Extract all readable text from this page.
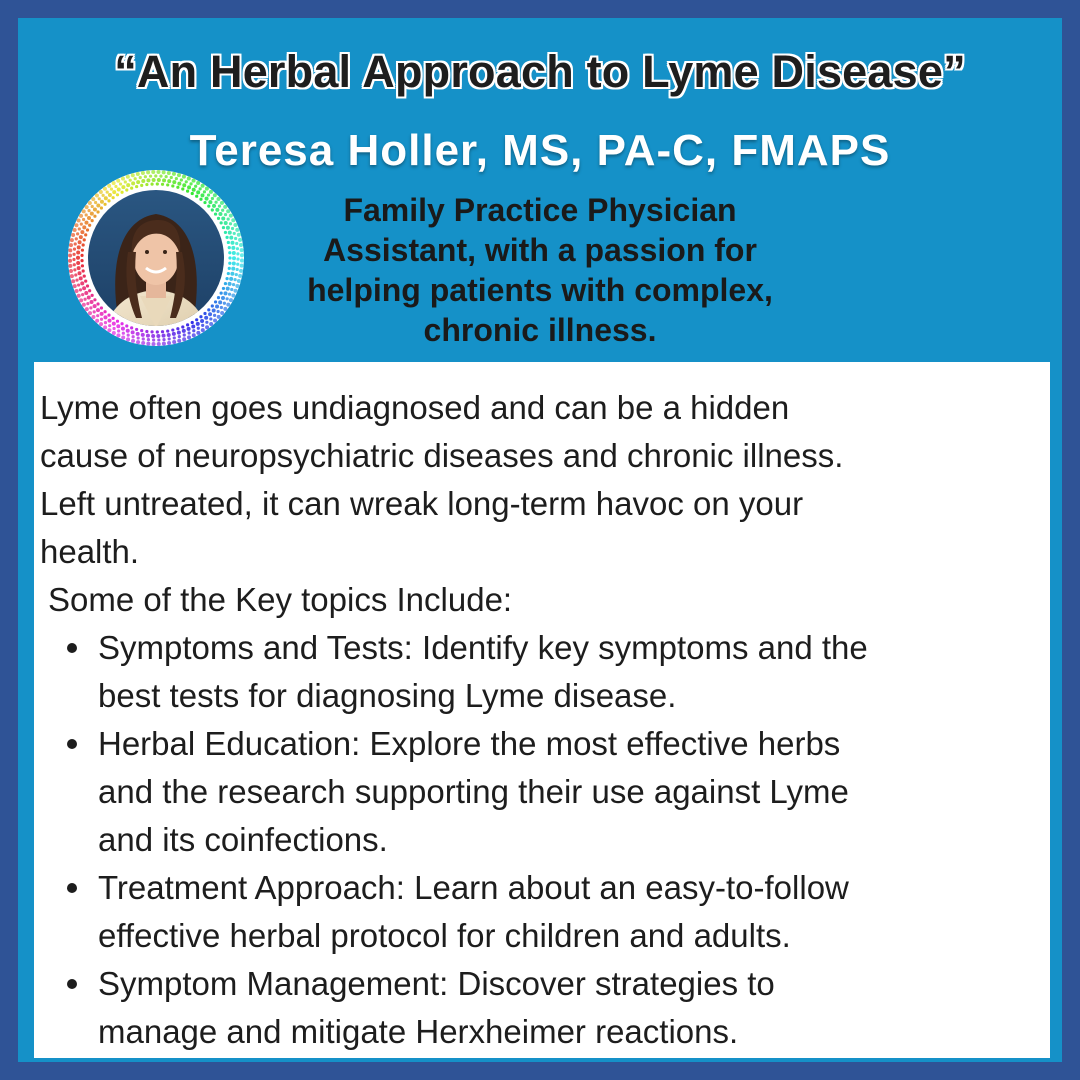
“An Herbal Approach to Lyme Disease”
Teresa Holler, MS, PA-C, FMAPS
Family Practice Physician
Assistant, with a passion for
helping patients with complex,
chronic illness.
Lyme often goes undiagnosed and can be a hidden
cause of neuropsychiatric diseases and chronic illness.
Left untreated, it can wreak long-term havoc on your
health.
Some of the Key topics Include:
Symptoms and Tests: Identify key symptoms and the
best tests for diagnosing Lyme disease.
Herbal Education: Explore the most effective herbs
and the research supporting their use against Lyme
and its coinfections.
Treatment Approach: Learn about an easy-to-follow
effective herbal protocol for children and adults.
Symptom Management: Discover strategies to
manage and mitigate Herxheimer reactions.
